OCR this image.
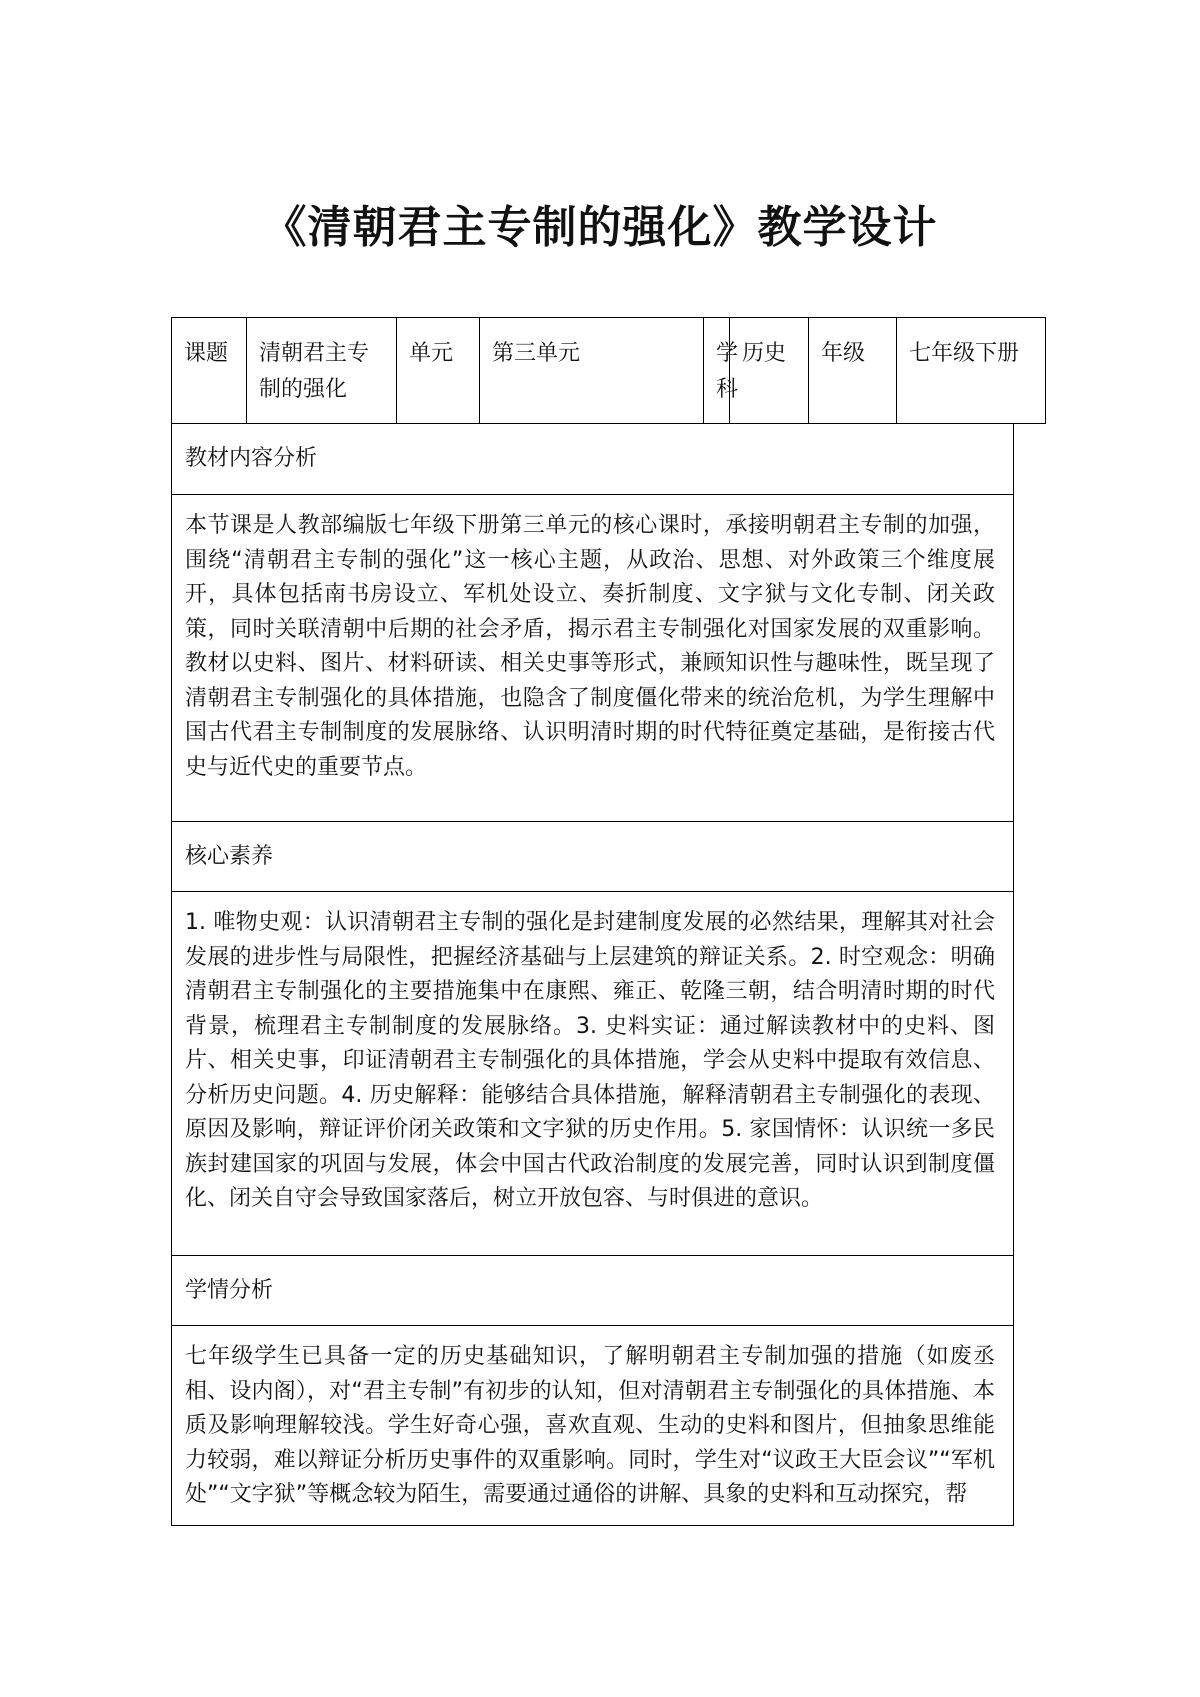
《清朝君主专制的强化》教学设计
课题	清朝君主专制的强化	单元	第三单元	学科	历史	年级	七年级下册
教材内容分析
本节课是人教部编版七年级下册第三单元的核心课时，承接明朝君主专制的加强，围绕“清朝君主专制的强化”这一核心主题，从政治、思想、对外政策三个维度展开，具体包括南书房设立、军机处设立、奏折制度、文字狱与文化专制、闭关政策，同时关联清朝中后期的社会矛盾，揭示君主专制强化对国家发展的双重影响。教材以史料、图片、材料研读、相关史事等形式，兼顾知识性与趣味性，既呈现了清朝君主专制强化的具体措施，也隐含了制度僵化带来的统治危机，为学生理解中国古代君主专制制度的发展脉络、认识明清时期的时代特征奠定基础，是衔接古代史与近代史的重要节点。
核心素养
1. 唯物史观：认识清朝君主专制的强化是封建制度发展的必然结果，理解其对社会发展的进步性与局限性，把握经济基础与上层建筑的辩证关系。2. 时空观念：明确清朝君主专制强化的主要措施集中在康熙、雍正、乾隆三朝，结合明清时期的时代背景，梳理君主专制制度的发展脉络。3. 史料实证：通过解读教材中的史料、图片、相关史事，印证清朝君主专制强化的具体措施，学会从史料中提取有效信息、分析历史问题。4. 历史解释：能够结合具体措施，解释清朝君主专制强化的表现、原因及影响，辩证评价闭关政策和文字狱的历史作用。5. 家国情怀：认识统一多民族封建国家的巩固与发展，体会中国古代政治制度的发展完善，同时认识到制度僵化、闭关自守会导致国家落后，树立开放包容、与时俱进的意识。
学情分析
七年级学生已具备一定的历史基础知识，了解明朝君主专制加强的措施（如废丞相、设内阁），对“君主专制”有初步的认知，但对清朝君主专制强化的具体措施、本质及影响理解较浅。学生好奇心强，喜欢直观、生动的史料和图片，但抽象思维能力较弱，难以辩证分析历史事件的双重影响。同时，学生对“议政王大臣会议”“军机处”“文字狱”等概念较为陌生，需要通过通俗的讲解、具象的史料和互动探究，帮
